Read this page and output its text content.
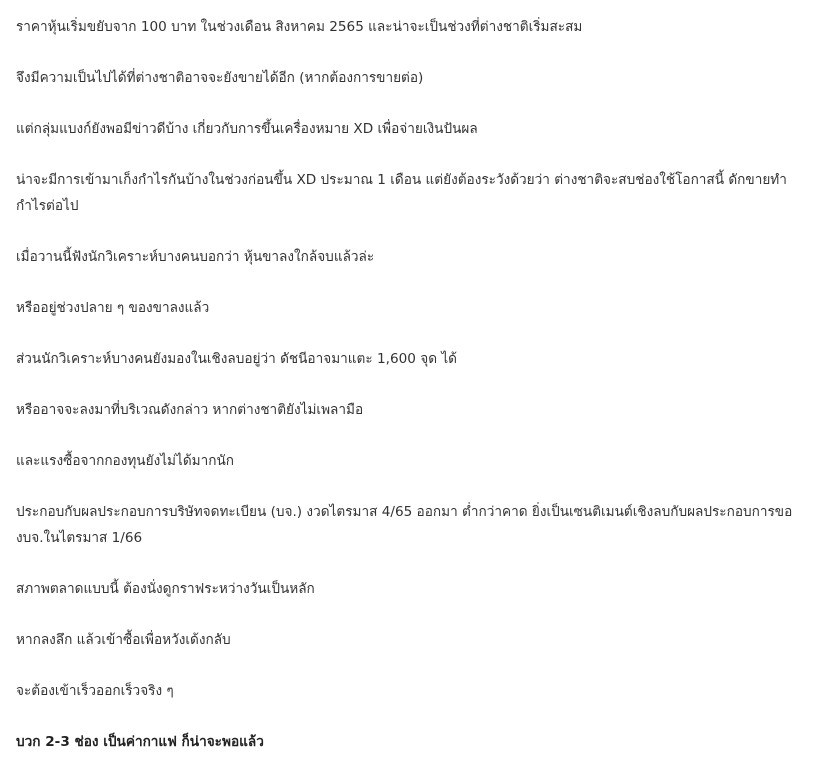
ราคาหุ้นเริ่มขยับจาก 100 บาท ในช่วงเดือน สิงหาคม 2565 และน่าจะเป็นช่วงที่ต่างชาติเริ่มสะสม

จึงมีความเป็นไปได้ที่ต่างชาติอาจจะยังขายได้อีก (หากต้องการขายต่อ)

แต่กลุ่มแบงก์ยังพอมีข่าวดีบ้าง เกี่ยวกับการขึ้นเครื่องหมาย XD เพื่อจ่ายเงินปันผล

น่าจะมีการเข้ามาเก็งกำไรกันบ้างในช่วงก่อนขึ้น XD ประมาณ 1 เดือน แต่ยังต้องระวังด้วยว่า ต่างชาติจะสบช่องใช้โอกาสนี้ ดักขายทำกำไรต่อไป

เมื่อวานนี้ฟังนักวิเคราะห์บางคนบอกว่า หุ้นขาลงใกล้จบแล้วล่ะ

หรืออยู่ช่วงปลาย ๆ ของขาลงแล้ว

ส่วนนักวิเคราะห์บางคนยังมองในเชิงลบอยู่ว่า ดัชนีอาจมาแตะ 1,600 จุด ได้

หรืออาจจะลงมาที่บริเวณดังกล่าว หากต่างชาติยังไม่เพลามือ

และแรงซื้อจากกองทุนยังไม่ได้มากนัก

ประกอบกับผลประกอบการบริษัทจดทะเบียน (บจ.) งวดไตรมาส 4/65 ออกมา ต่ำกว่าคาด ยิ่งเป็นเซนติเมนต์เชิงลบกับผลประกอบการของบจ.ในไตรมาส 1/66

สภาพตลาดแบบนี้ ต้องนั่งดูกราฟระหว่างวันเป็นหลัก

หากลงลึก แล้วเข้าซื้อเพื่อหวังเด้งกลับ

จะต้องเข้าเร็วออกเร็วจริง ๆ

บวก 2-3 ช่อง เป็นค่ากาแฟ ก็น่าจะพอแล้ว
